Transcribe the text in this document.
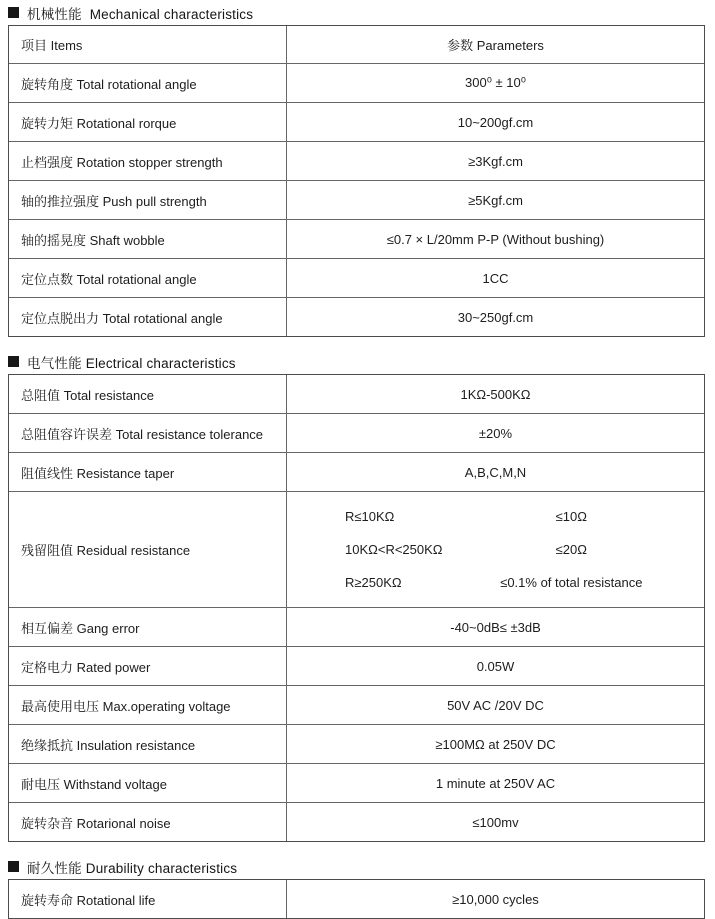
机械性能  Mechanical characteristics
项目 Items	参数 Parameters
旋转角度 Total rotational angle	300⁰ ± 10⁰
旋转力矩 Rotational rorque	10~200gf.cm
止档强度 Rotation stopper strength	≥3Kgf.cm
轴的推拉强度 Push pull strength	≥5Kgf.cm
轴的摇晃度 Shaft wobble	≤0.7 × L/20mm P-P (Without bushing)
定位点数 Total rotational angle	1CC
定位点脱出力 Total rotational angle	30~250gf.cm
电气性能 Electrical characteristics
总阻值 Total resistance	1KΩ-500KΩ
总阻值容许误差 Total resistance tolerance	±20%
阻值线性 Resistance taper	A,B,C,M,N
残留阻值 Residual resistance
R≤10KΩ	≤10Ω
10KΩ<R<250KΩ	≤20Ω
R≥250KΩ	≤0.1% of total resistance
相互偏差 Gang error	-40~0dB≤ ±3dB
定格电力 Rated power	0.05W
最高使用电压 Max.operating voltage	50V AC /20V DC
绝缘抵抗 Insulation resistance	≥100MΩ at 250V DC
耐电压 Withstand voltage	1 minute at 250V AC
旋转杂音 Rotarional noise	≤100mv
耐久性能 Durability characteristics
旋转寿命 Rotational life	≥10,000 cycles
